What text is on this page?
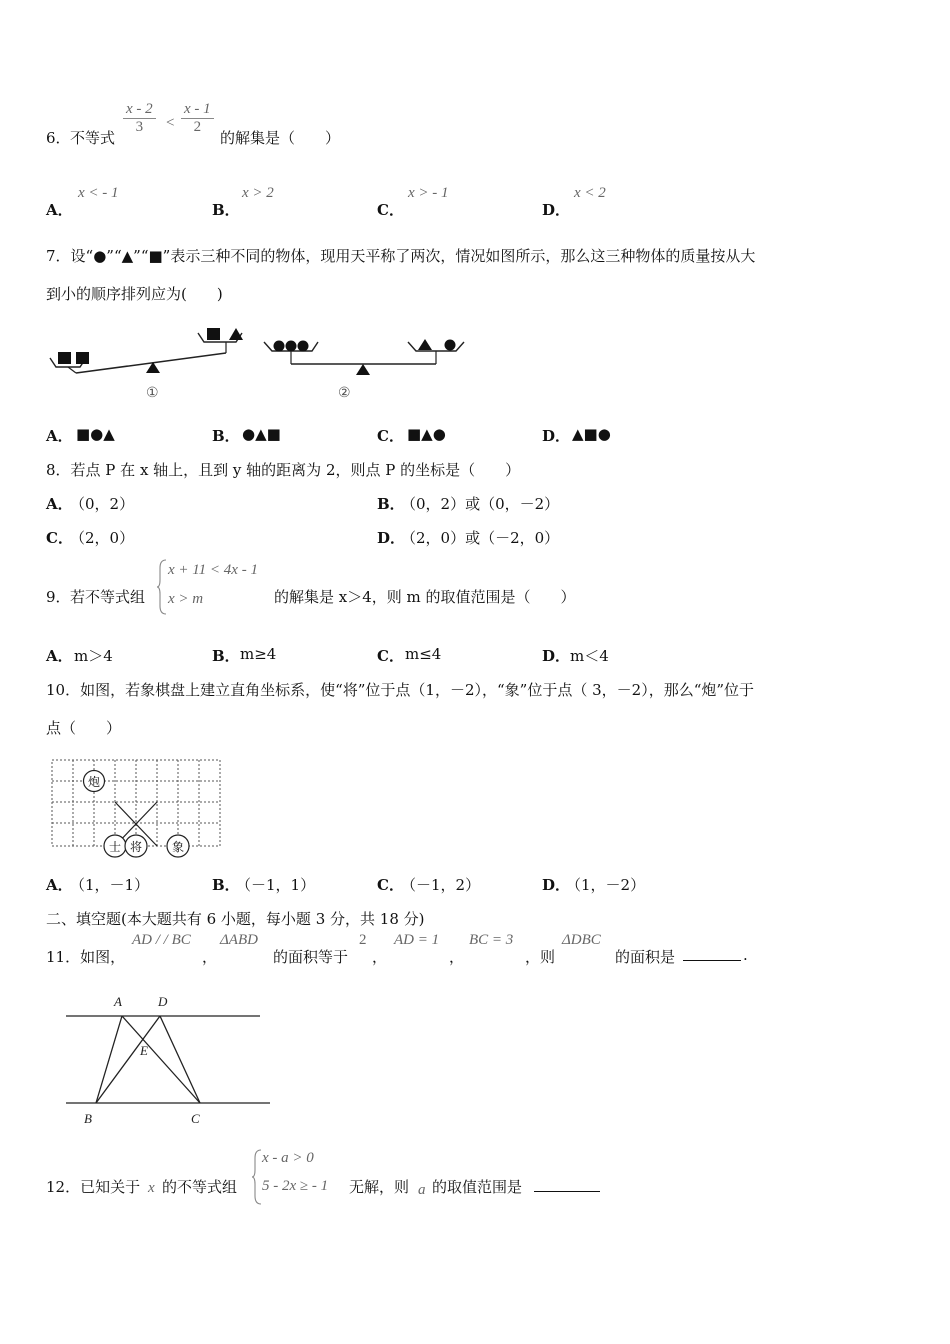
6． 不等式
$\frac{x - 2}{3} < \frac{x - 1}{2}$
的解集是（　　）
A．
x < - 1
B．
x > 2
C．
x > - 1
D．
x < 2
7．设“●”“▲”“■”表示三种不同的物体，现用天平称了两次，情况如图所示，那么这三种物体的质量按从大
到小的顺序排列应为(　　)
①	②
A． ■●▲	B． ●▲■	C． ■▲●	D． ▲■●
8．若点 P 在 x 轴上，且到 y 轴的距离为 2，则点 P 的坐标是（　　）
A．
（0，2）	B．
（0，2）或（0，－2）
C．
（2，0）	D．
（2，0）或（－2，0）
9． 若不等式组
x + 11 < 4x - 1
x > m	的解集是 x＞4，则 m 的取值范围是（　　）
A． m＞4	B． m≥4	C． m≤4	D． m＜4
10．如图，若象棋盘上建立直角坐标系，使“将”位于点（1，－2），“象”位于点（ 3，－2），那么“炮”位于
点（　　）
炮
士 将 象
A．
（1，－1）	B．
（－1，1）	C．
（－1，2）	D．
（1，－2）
二、填空题(本大题共有 6 小题，每小题 3 分，共 18 分)
11．如图，
AD / / BC
，
ΔABD
的面积等于
2
，
AD = 1
，
BC = 3
，则
ΔDBC
的面积是	.
A	D
E
B	C
12．已知关于 x 的不等式组
x - a > 0
5 - 2x ≥ - 1 无解，则 a 的取值范围是
